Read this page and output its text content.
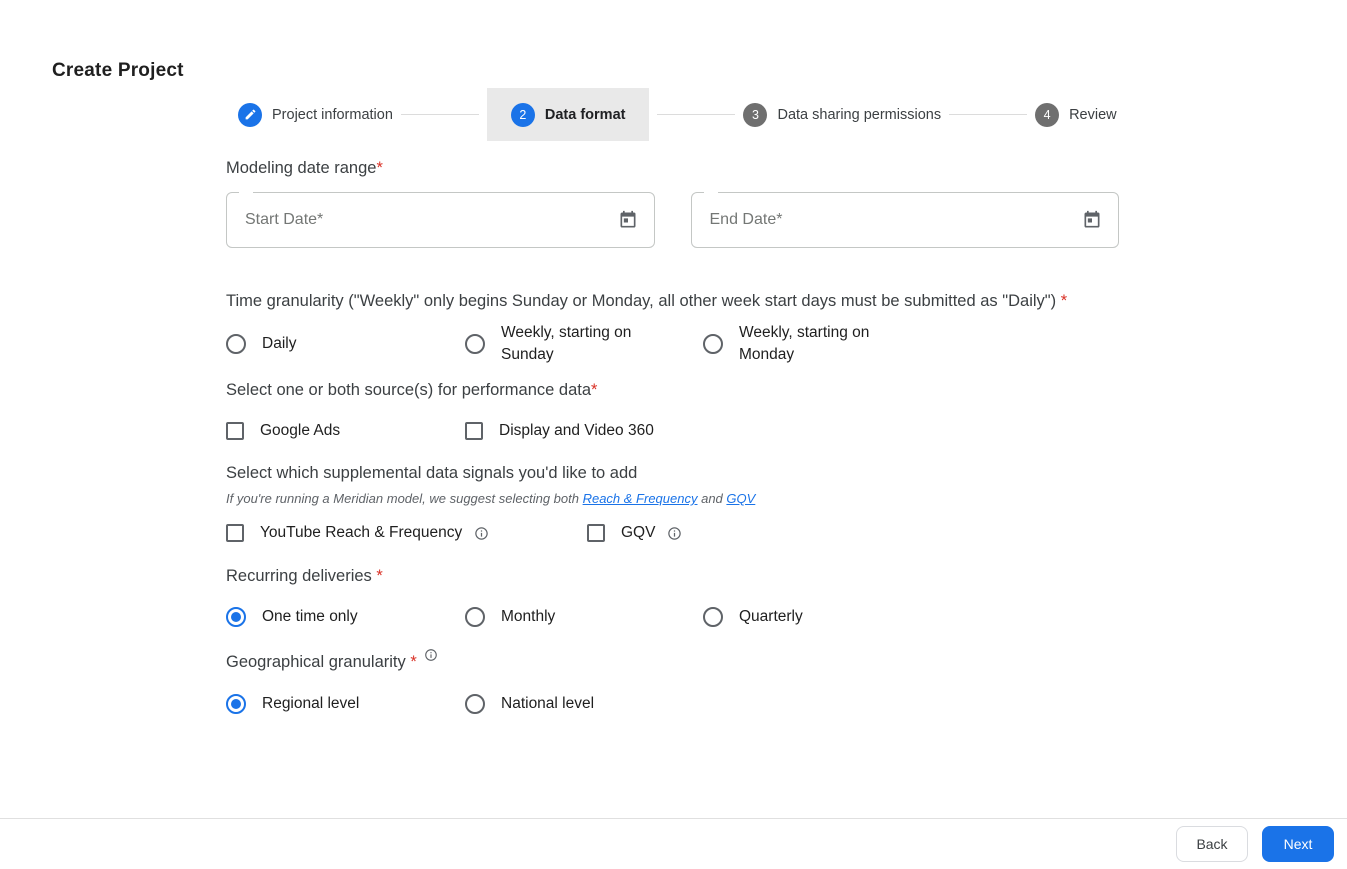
Create Project
Project information	2	Data format	3	Data sharing permissions	4	Review
Modeling date range*
Start Date*
End Date*
Time granularity ("Weekly" only begins Sunday or Monday, all other week start days must be submitted as "Daily") *
Daily
Weekly, starting on Sunday
Weekly, starting on Monday
Select one or both source(s) for performance data*
Google Ads	Display and Video 360
Select which supplemental data signals you'd like to add
If you're running a Meridian model, we suggest selecting both Reach & Frequency and GQV
YouTube Reach & Frequency	GQV
Recurring deliveries *
One time only	Monthly	Quarterly
Geographical granularity *
Regional level	National level
Back	Next
